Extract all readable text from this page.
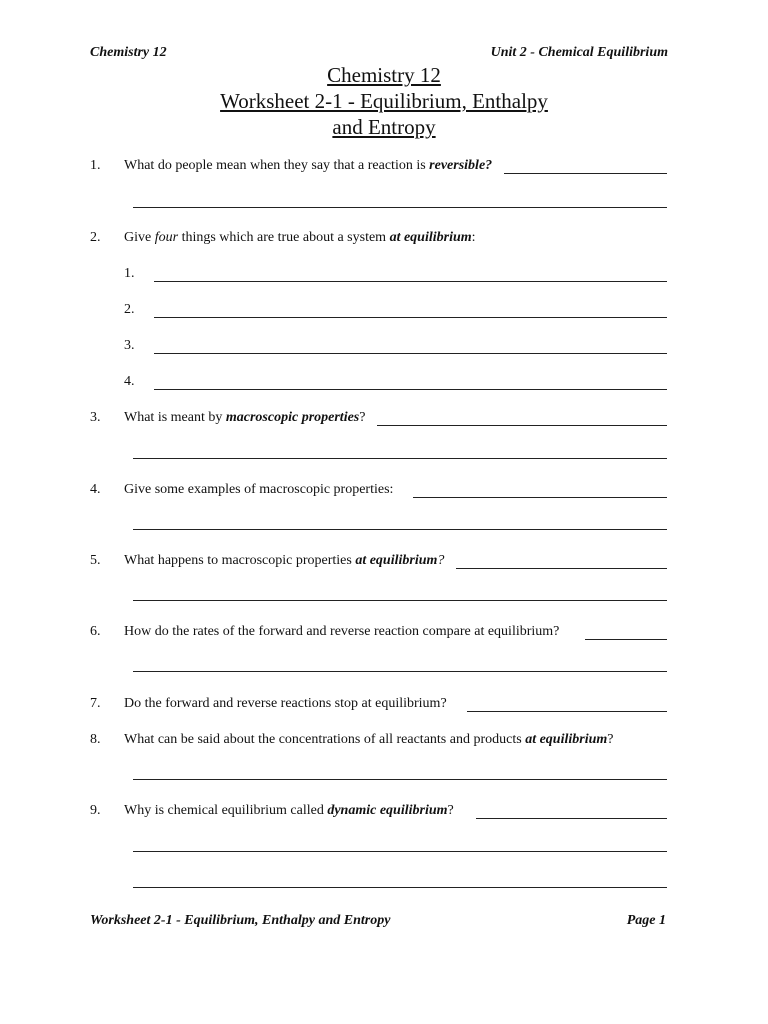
Chemistry 12	Unit 2 - Chemical Equilibrium
Chemistry 12
Worksheet 2-1 - Equilibrium, Enthalpy
and Entropy
1.	What do people mean when they say that a reaction is reversible?
2.	Give four things which are true about a system at equilibrium:
1.
2.
3.
4.
3.	What is meant by macroscopic properties?
4.	Give some examples of macroscopic properties:
5.	What happens to macroscopic properties at equilibrium?
6.	How do the rates of the forward and reverse reaction compare at equilibrium?
7.	Do the forward and reverse reactions stop at equilibrium?
8.	What can be said about the concentrations of all reactants and products at equilibrium?
9.	Why is chemical equilibrium called dynamic equilibrium?
Worksheet 2-1 - Equilibrium, Enthalpy and Entropy	Page 1
